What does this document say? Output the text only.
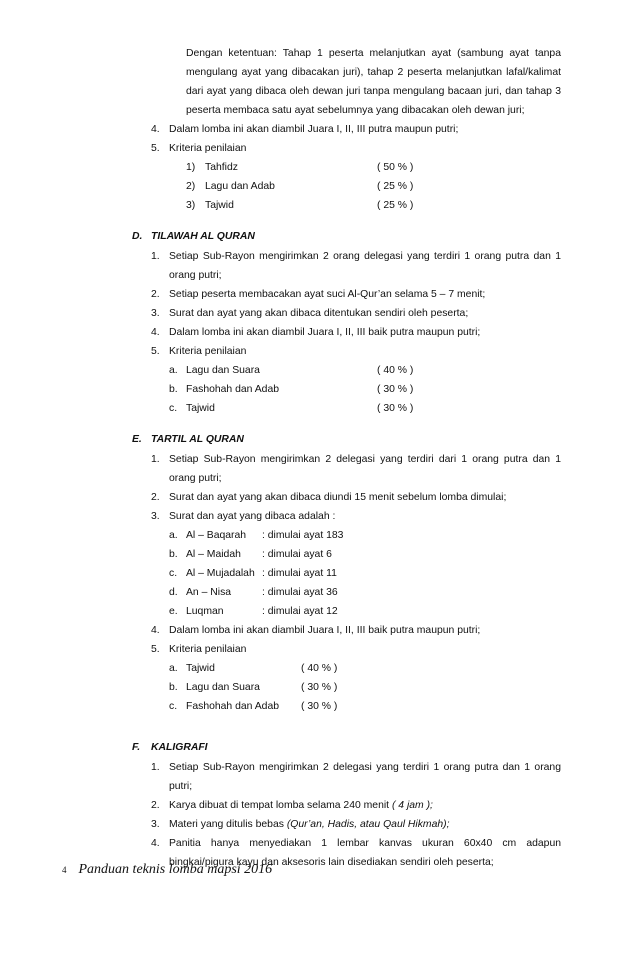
Dengan ketentuan: Tahap 1 peserta melanjutkan ayat (sambung ayat tanpa
mengulang ayat yang dibacakan juri), tahap 2 peserta melanjutkan lafal/kalimat
dari ayat yang dibaca oleh dewan juri tanpa mengulang bacaan juri, dan tahap 3
peserta membaca satu ayat sebelumnya yang dibacakan oleh dewan juri;
4. Dalam lomba ini akan diambil Juara I, II, III putra maupun putri;
5. Kriteria penilaian
1) Tahfidz	( 50 % )
2) Lagu dan Adab	( 25 % )
3) Tajwid	( 25 % )
D. TILAWAH AL QURAN
1. Setiap Sub-Rayon mengirimkan 2 orang delegasi yang terdiri 1 orang putra dan 1
orang putri;
2. Setiap peserta membacakan ayat suci Al-Qur’an selama 5 – 7 menit;
3. Surat dan ayat yang akan dibaca ditentukan sendiri oleh peserta;
4. Dalam lomba ini akan diambil Juara I, II, III baik putra maupun putri;
5. Kriteria penilaian
a. Lagu dan Suara	( 40 % )
b. Fashohah dan Adab	( 30 % )
c. Tajwid	( 30 % )
E. TARTIL AL QURAN
1. Setiap Sub-Rayon mengirimkan 2 delegasi yang terdiri dari 1 orang putra dan 1
orang putri;
2. Surat dan ayat yang akan dibaca diundi 15 menit sebelum lomba dimulai;
3. Surat dan ayat yang dibaca adalah :
a. Al – Baqarah : dimulai ayat 183
b. Al – Maidah : dimulai ayat 6
c. Al – Mujadalah : dimulai ayat 11
d. An – Nisa	: dimulai ayat 36
e. Luqman	: dimulai ayat 12
4. Dalam lomba ini akan diambil Juara I, II, III baik putra maupun putri;
5. Kriteria penilaian
a. Tajwid	( 40 % )
b. Lagu dan Suara	( 30 % )
c. Fashohah dan Adab ( 30 % )
F. KALIGRAFI
1. Setiap Sub-Rayon mengirimkan 2 delegasi yang terdiri 1 orang putra dan 1 orang
putri;
2. Karya dibuat di tempat lomba selama 240 menit ( 4 jam );
3. Materi yang ditulis bebas (Qur’an, Hadis, atau Qaul Hikmah);
4. Panitia hanya menyediakan 1 lembar kanvas ukuran 60x40 cm adapun
bingkai/pigura kayu dan aksesoris lain disediakan sendiri oleh peserta;
4 Panduan teknis lomba mapsi 2016
